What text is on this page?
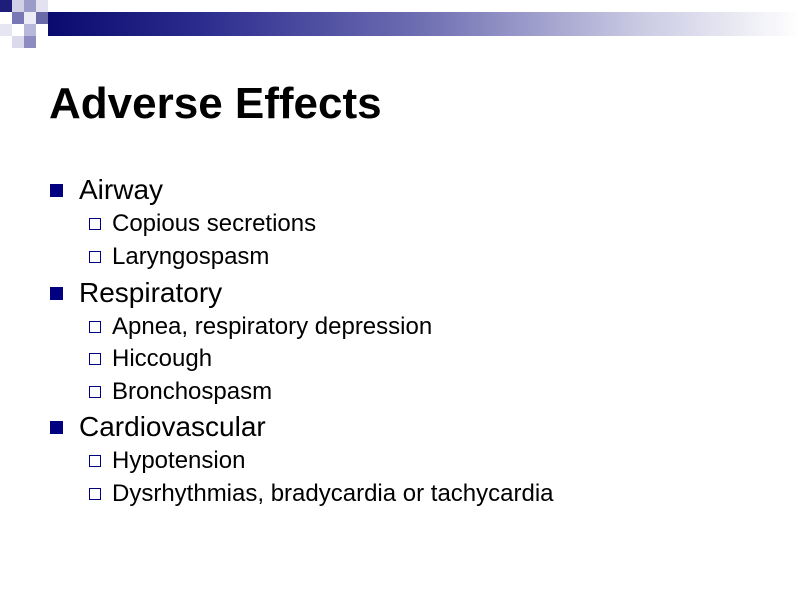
Adverse Effects
Airway
Copious secretions
Laryngospasm
Respiratory
Apnea, respiratory depression
Hiccough
Bronchospasm
Cardiovascular
Hypotension
Dysrhythmias, bradycardia or tachycardia
